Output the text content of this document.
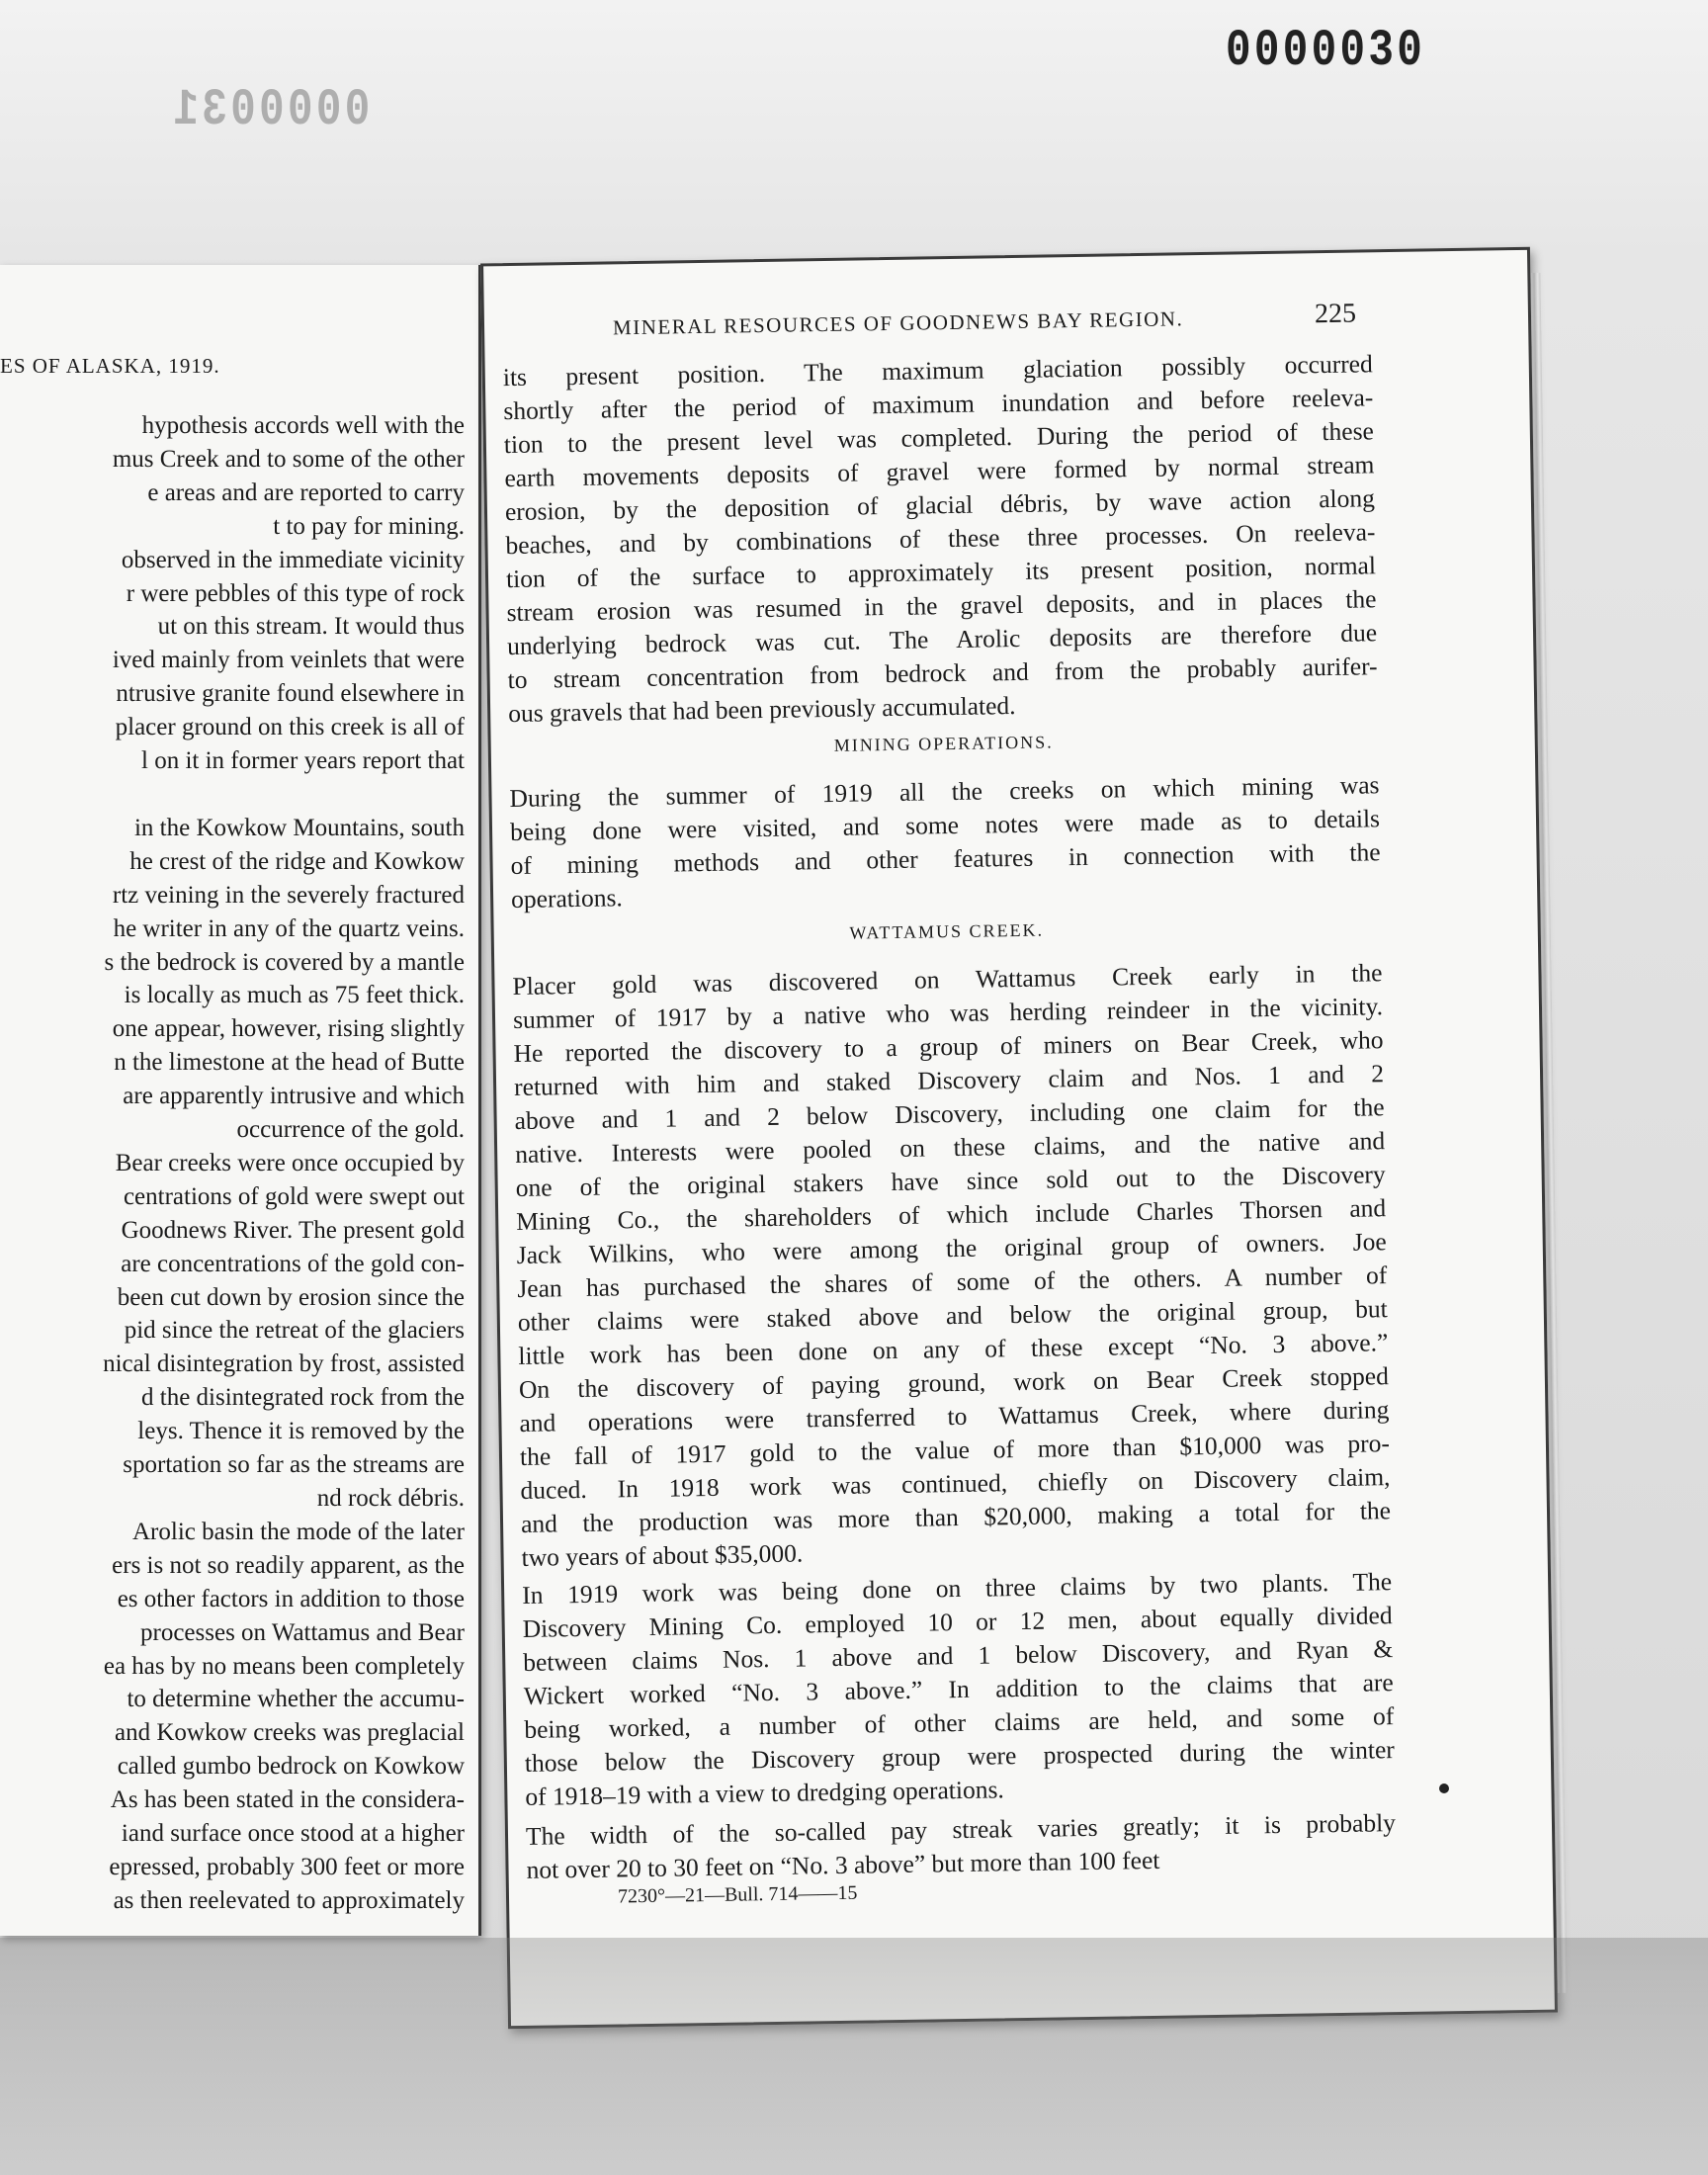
0000030
0000031
ES OF ALASKA, 1919.
hypothesis accords well with the
mus Creek and to some of the other
e areas and are reported to carry
t to pay for mining.
observed in the immediate vicinity
r were pebbles of this type of rock
ut on this stream. It would thus
ived mainly from veinlets that were
ntrusive granite found elsewhere in
placer ground on this creek is all of
l on it in former years report that

in the Kowkow Mountains, south
he crest of the ridge and Kowkow
rtz veining in the severely fractured
he writer in any of the quartz veins.
s the bedrock is covered by a mantle
is locally as much as 75 feet thick.
one appear, however, rising slightly
n the limestone at the head of Butte
are apparently intrusive and which
occurrence of the gold.
Bear creeks were once occupied by
centrations of gold were swept out
Goodnews River. The present gold
are concentrations of the gold con-
been cut down by erosion since the
pid since the retreat of the glaciers
nical disintegration by frost, assisted
d the disintegrated rock from the
leys. Thence it is removed by the
sportation so far as the streams are
nd rock débris.
Arolic basin the mode of the later
ers is not so readily apparent, as the
es other factors in addition to those
processes on Wattamus and Bear
ea has by no means been completely
to determine whether the accumu-
and Kowkow creeks was preglacial
called gumbo bedrock on Kowkow
As has been stated in the considera-
iand surface once stood at a higher
epressed, probably 300 feet or more
as then reelevated to approximately
MINERAL RESOURCES OF GOODNEWS BAY REGION.	225
its present position. The maximum glaciation possibly occurred
shortly after the period of maximum inundation and before reeleva-
tion to the present level was completed. During the period of these
earth movements deposits of gravel were formed by normal stream
erosion, by the deposition of glacial débris, by wave action along
beaches, and by combinations of these three processes. On reeleva-
tion of the surface to approximately its present position, normal
stream erosion was resumed in the gravel deposits, and in places the
underlying bedrock was cut. The Arolic deposits are therefore due
to stream concentration from bedrock and from the probably aurifer-
ous gravels that had been previously accumulated.
MINING OPERATIONS.
During the summer of 1919 all the creeks on which mining was
being done were visited, and some notes were made as to details
of mining methods and other features in connection with the
operations.
WATTAMUS CREEK.
Placer gold was discovered on Wattamus Creek early in the
summer of 1917 by a native who was herding reindeer in the vicinity.
He reported the discovery to a group of miners on Bear Creek, who
returned with him and staked Discovery claim and Nos. 1 and 2
above and 1 and 2 below Discovery, including one claim for the
native. Interests were pooled on these claims, and the native and
one of the original stakers have since sold out to the Discovery
Mining Co., the shareholders of which include Charles Thorsen and
Jack Wilkins, who were among the original group of owners. Joe
Jean has purchased the shares of some of the others. A number of
other claims were staked above and below the original group, but
little work has been done on any of these except “No. 3 above.”
On the discovery of paying ground, work on Bear Creek stopped
and operations were transferred to Wattamus Creek, where during
the fall of 1917 gold to the value of more than $10,000 was pro-
duced. In 1918 work was continued, chiefly on Discovery claim,
and the production was more than $20,000, making a total for the
two years of about $35,000.
In 1919 work was being done on three claims by two plants. The
Discovery Mining Co. employed 10 or 12 men, about equally divided
between claims Nos. 1 above and 1 below Discovery, and Ryan &
Wickert worked “No. 3 above.” In addition to the claims that are
being worked, a number of other claims are held, and some of
those below the Discovery group were prospected during the winter
of 1918–19 with a view to dredging operations.
The width of the so-called pay streak varies greatly; it is probably
not over 20 to 30 feet on “No. 3 above” but more than 100 feet
7230°—21—Bull. 714——15
